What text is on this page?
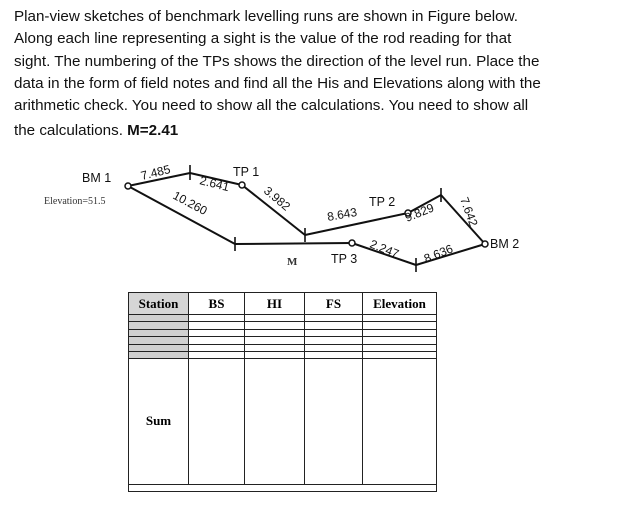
Plan-view sketches of benchmark levelling runs are shown in Figure below.

Along each line representing a sight is the value of the rod reading for that

sight. The numbering of the TPs shows the direction of the level run. Place the

data in the form of field notes and find all the His and Elevations along with the

arithmetic check. You need to show all the calculations. You need to show all

the calculations. M=2.41

BM 1
Elevation=51.5
TP 1
TP 2
TP 3
BM 2
M
7.485
2.641	3.982
10.260	8.643	9.829 7.642
2.247 8.636
Station	BS	HI	FS	Elevation

Sum				
